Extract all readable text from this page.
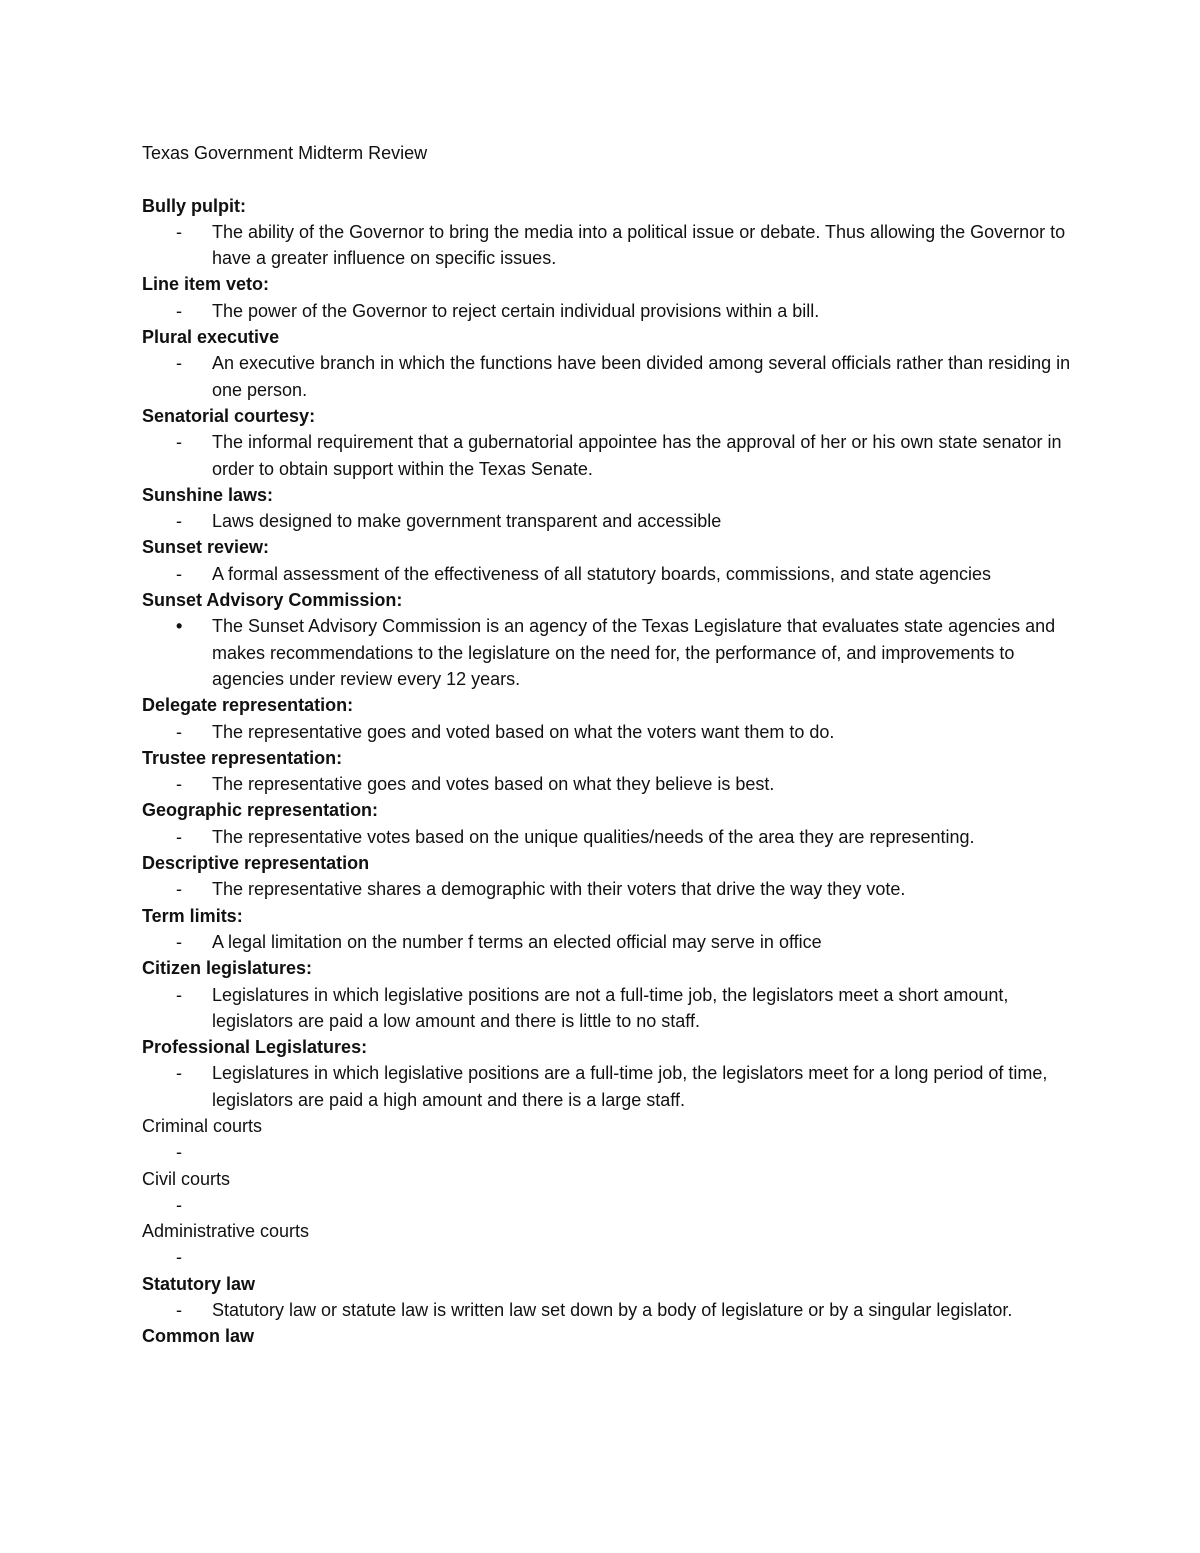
Texas Government Midterm Review
Bully pulpit:
- The ability of the Governor to bring the media into a political issue or debate. Thus allowing the Governor to have a greater influence on specific issues.
Line item veto:
- The power of the Governor to reject certain individual provisions within a bill.
Plural executive
- An executive branch in which the functions have been divided among several officials rather than residing in one person.
Senatorial courtesy:
- The informal requirement that a gubernatorial appointee has the approval of her or his own state senator in order to obtain support within the Texas Senate.
Sunshine laws:
- Laws designed to make government transparent and accessible
Sunset review:
- A formal assessment of the effectiveness of all statutory boards, commissions, and state agencies
Sunset Advisory Commission:
• The Sunset Advisory Commission is an agency of the Texas Legislature that evaluates state agencies and makes recommendations to the legislature on the need for, the performance of, and improvements to agencies under review every 12 years.
Delegate representation:
- The representative goes and voted based on what the voters want them to do.
Trustee representation:
- The representative goes and votes based on what they believe is best.
Geographic representation:
- The representative votes based on the unique qualities/needs of the area they are representing.
Descriptive representation
- The representative shares a demographic with their voters that drive the way they vote.
Term limits:
- A legal limitation on the number f terms an elected official may serve in office
Citizen legislatures:
- Legislatures in which legislative positions are not a full-time job, the legislators meet a short amount, legislators are paid a low amount and there is little to no staff.
Professional Legislatures:
- Legislatures in which legislative positions are a full-time job, the legislators meet for a long period of time, legislators are paid a high amount and there is a large staff.
Criminal courts
-
Civil courts
-
Administrative courts
-
Statutory law
- Statutory law or statute law is written law set down by a body of legislature or by a singular legislator.
Common law
